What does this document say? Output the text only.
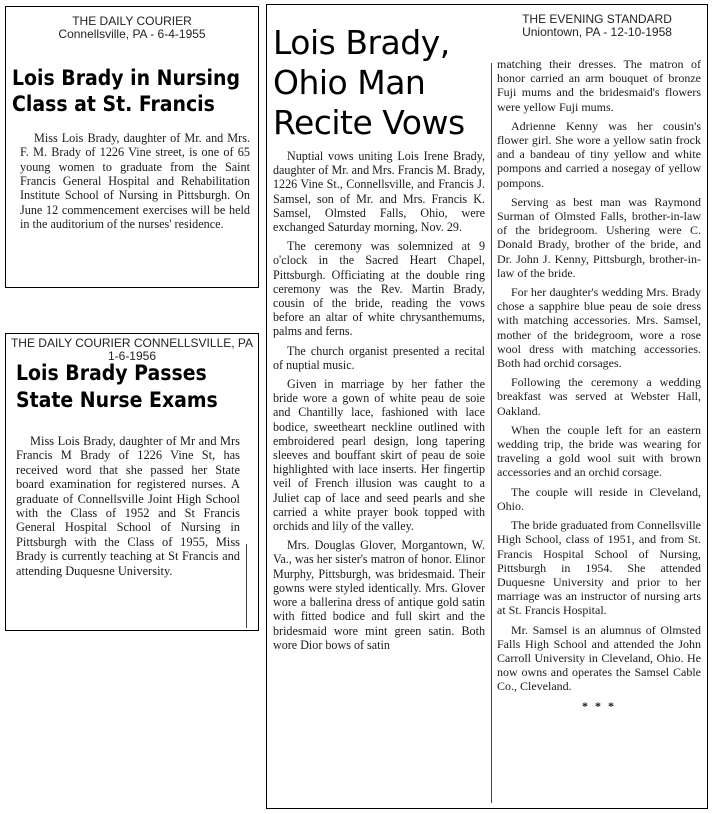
THE DAILY COURIER
Connellsville, PA - 6-4-1955
Lois Brady in Nursing Class at St. Francis

Miss Lois Brady, daughter of Mr. and Mrs. F. M. Brady of 1226 Vine street, is one of 65 young women to graduate from the Saint Francis General Hospital and Rehabilitation Institute School of Nursing in Pittsburgh. On June 12 commencement exercises will be held in the auditorium of the nurses' residence.

THE DAILY COURIER CONNELLSVILLE, PA
1-6-1956
Lois Brady Passes State Nurse Exams

Miss Lois Brady, daughter of Mr and Mrs Francis M Brady of 1226 Vine St, has received word that she passed her State board examination for registered nurses. A graduate of Connellsville Joint High School with the Class of 1952 and St Francis General Hospital School of Nursing in Pittsburgh with the Class of 1955, Miss Brady is currently teaching at St Francis and attending Duquesne University.

THE EVENING STANDARD
Uniontown, PA - 12-10-1958
Lois Brady, Ohio Man Recite Vows

Nuptial vows uniting Lois Irene Brady, daughter of Mr. and Mrs. Francis M. Brady, 1226 Vine St., Connellsville, and Francis J. Samsel, son of Mr. and Mrs. Francis K. Samsel, Olmsted Falls, Ohio, were exchanged Saturday morning, Nov. 29.

The ceremony was solemnized at 9 o'clock in the Sacred Heart Chapel, Pittsburgh. Officiating at the double ring ceremony was the Rev. Martin Brady, cousin of the bride, reading the vows before an altar of white chrysanthemums, palms and ferns.

The church organist presented a recital of nuptial music.

Given in marriage by her father the bride wore a gown of white peau de soie and Chantilly lace, fashioned with lace bodice, sweetheart neckline outlined with embroidered pearl design, long tapering sleeves and bouffant skirt of peau de soie highlighted with lace inserts. Her fingertip veil of French illusion was caught to a Juliet cap of lace and seed pearls and she carried a white prayer book topped with orchids and lily of the valley.

Mrs. Douglas Glover, Morgantown, W. Va., was her sister's matron of honor. Elinor Murphy, Pittsburgh, was bridesmaid. Their gowns were styled identically. Mrs. Glover wore a ballerina dress of antique gold satin with fitted bodice and full skirt and the bridesmaid wore mint green satin. Both wore Dior bows of satin

matching their dresses. The matron of honor carried an arm bouquet of bronze Fuji mums and the bridesmaid's flowers were yellow Fuji mums.

Adrienne Kenny was her cousin's flower girl. She wore a yellow satin frock and a bandeau of tiny yellow and white pompons and carried a nosegay of yellow pompons.

Serving as best man was Raymond Surman of Olmsted Falls, brother-in-law of the bridegroom. Ushering were C. Donald Brady, brother of the bride, and Dr. John J. Kenny, Pittsburgh, brother-in-law of the bride.

For her daughter's wedding Mrs. Brady chose a sapphire blue peau de soie dress with matching accessories. Mrs. Samsel, mother of the bridegroom, wore a rose wool dress with matching accessories. Both had orchid corsages.

Following the ceremony a wedding breakfast was served at Webster Hall, Oakland.

When the couple left for an eastern wedding trip, the bride was wearing for traveling a gold wool suit with brown accessories and an orchid corsage.

The couple will reside in Cleveland, Ohio.

The bride graduated from Connellsville High School, class of 1951, and from St. Francis Hospital School of Nursing, Pittsburgh in 1954. She attended Duquesne University and prior to her marriage was an instructor of nursing arts at St. Francis Hospital.

Mr. Samsel is an alumnus of Olmsted Falls High School and attended the John Carroll University in Cleveland, Ohio. He now owns and operates the Samsel Cable Co., Cleveland.

* * *
